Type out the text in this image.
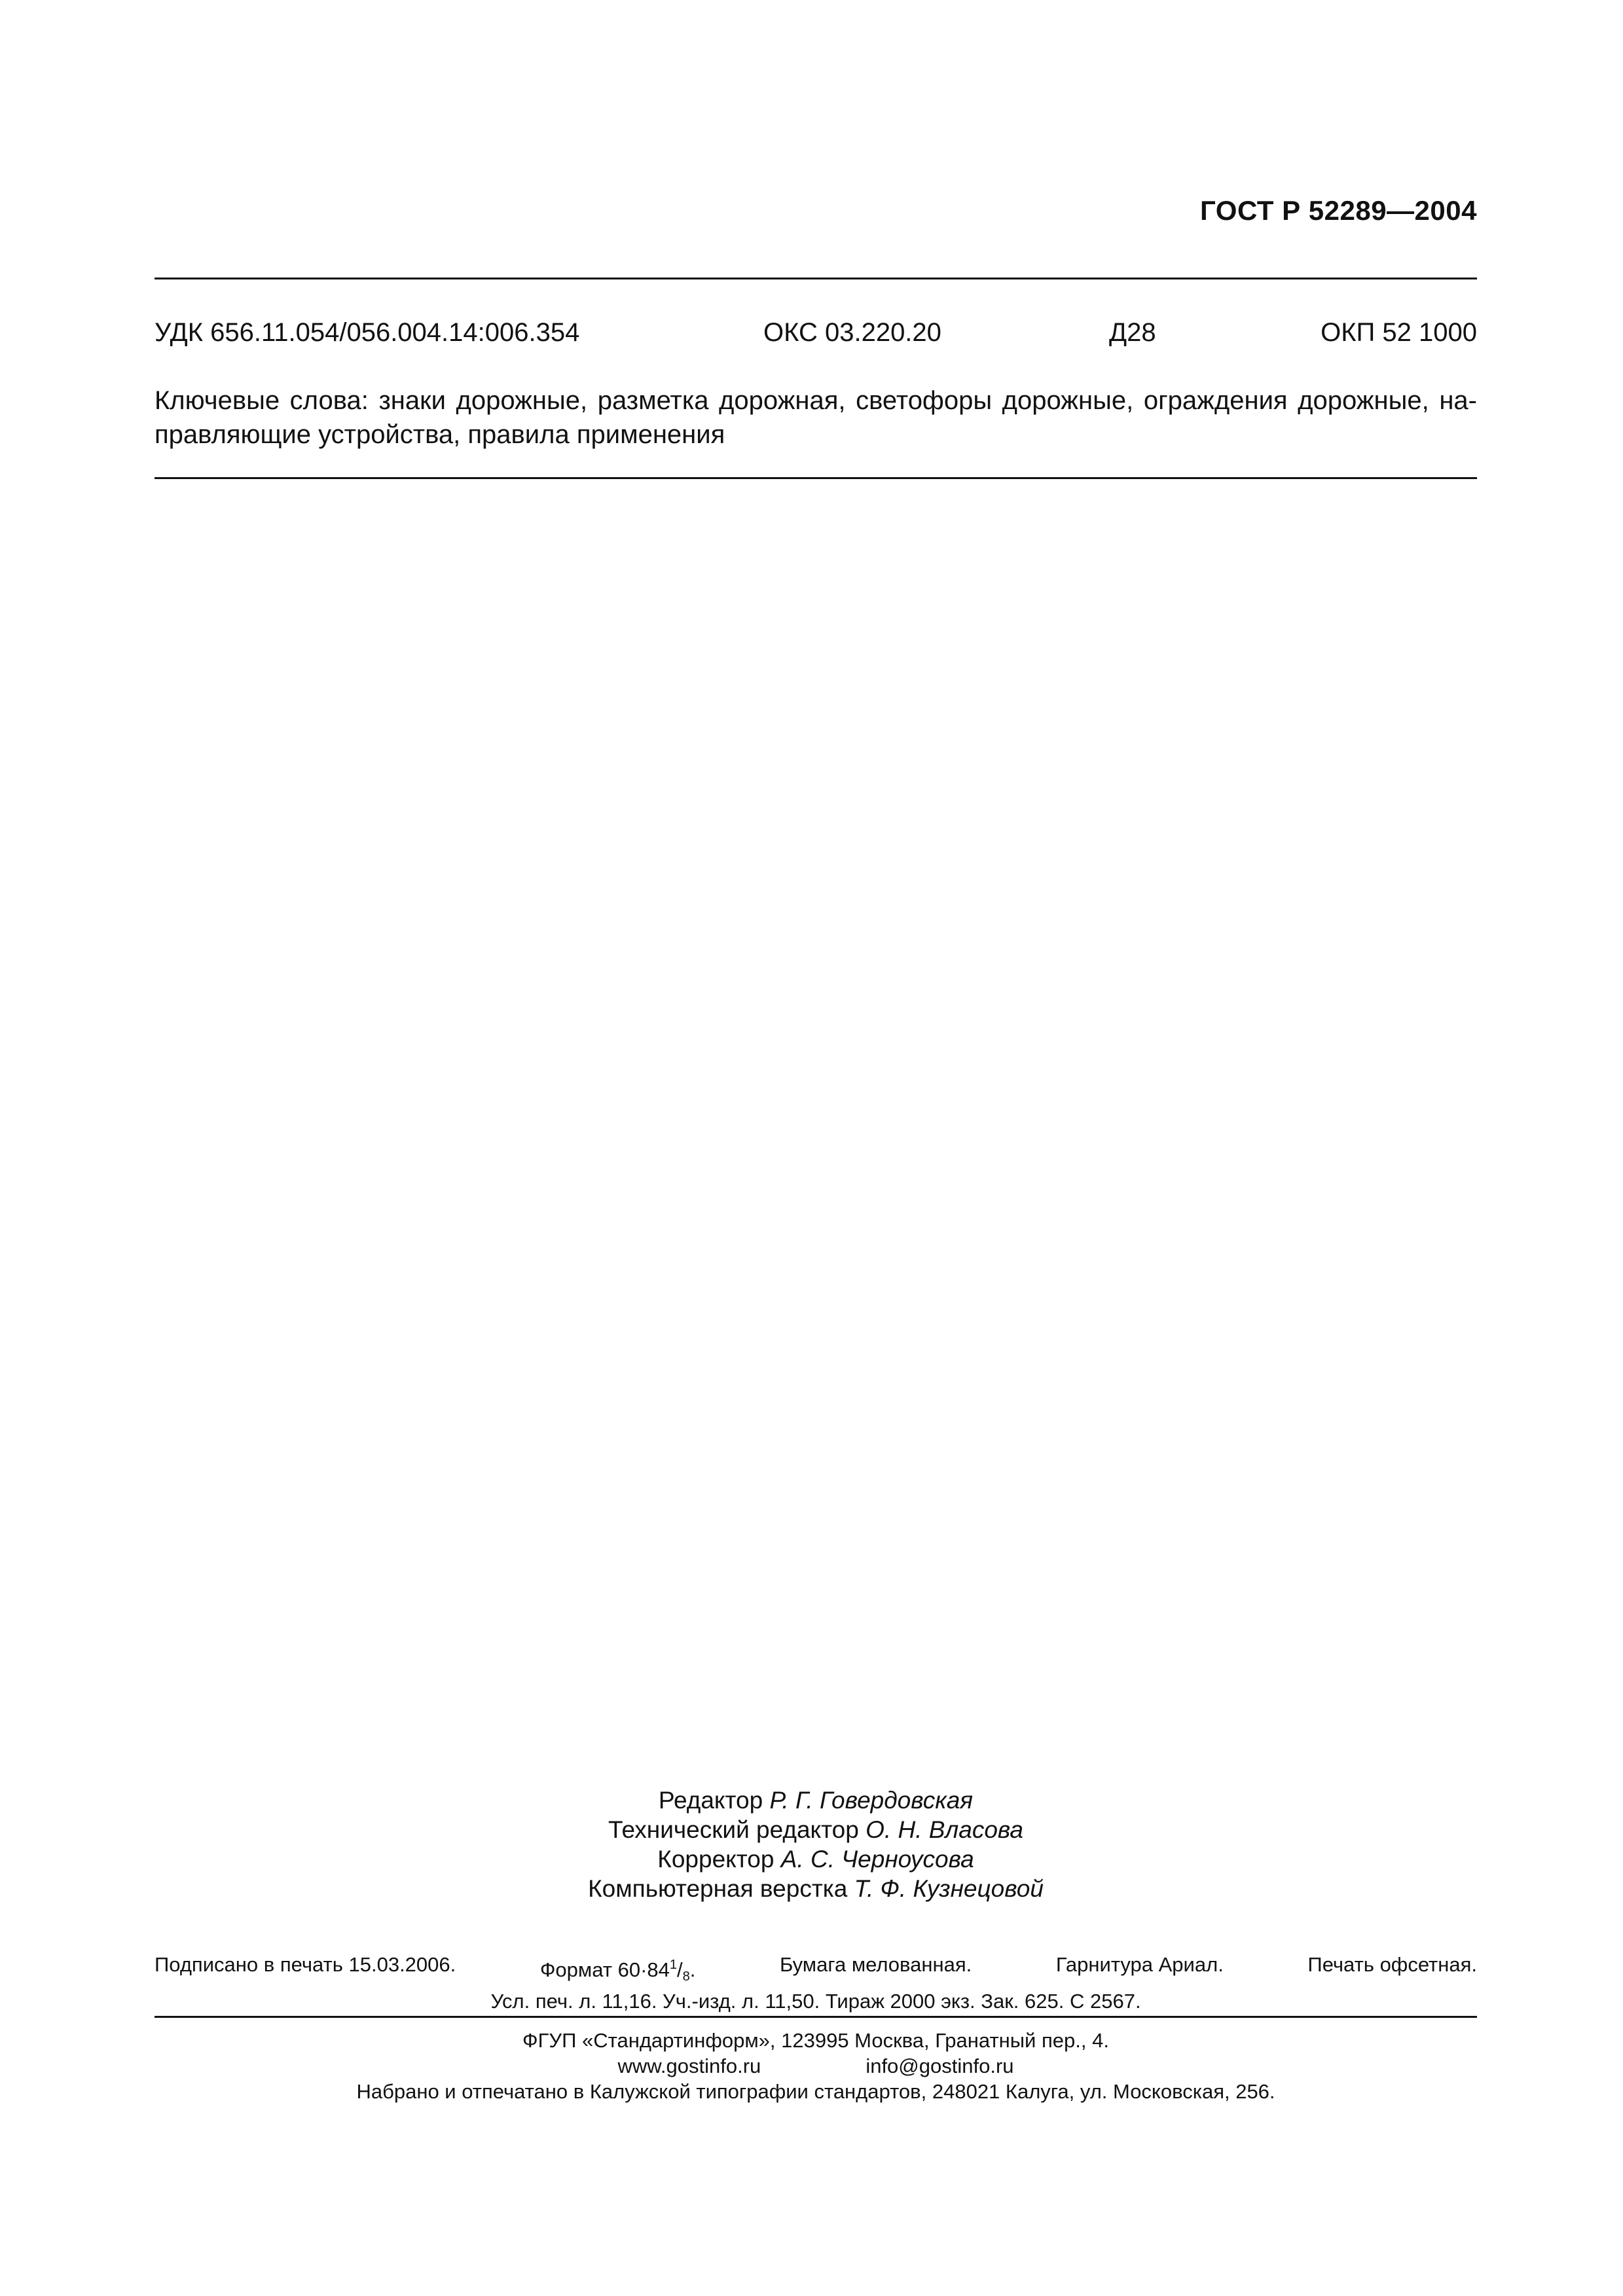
ГОСТ Р 52289—2004
УДК 656.11.054/056.004.14:006.354	ОКС 03.220.20	Д28	ОКП 52 1000
Ключевые слова: знаки дорожные, разметка дорожная, светофоры дорожные, ограждения дорожные, на-правляющие устройства, правила применения
Редактор Р. Г. Говердовская
Технический редактор О. Н. Власова
Корректор А. С. Черноусова
Компьютерная верстка Т. Ф. Кузнецовой
Подписано в печать 15.03.2006.	Формат $60\cdot 84^1/_8$.	Бумага мелованная.	Гарнитура Ариал.	Печать офсетная.
Усл. печ. л. 11,16. Уч.-изд. л. 11,50. Тираж 2000 экз. Зак. 625. С 2567.
ФГУП «Стандартинформ», 123995 Москва, Гранатный пер., 4.
www.gostinfo.ru	info@gostinfo.ru
Набрано и отпечатано в Калужской типографии стандартов, 248021 Калуга, ул. Московская, 256.
